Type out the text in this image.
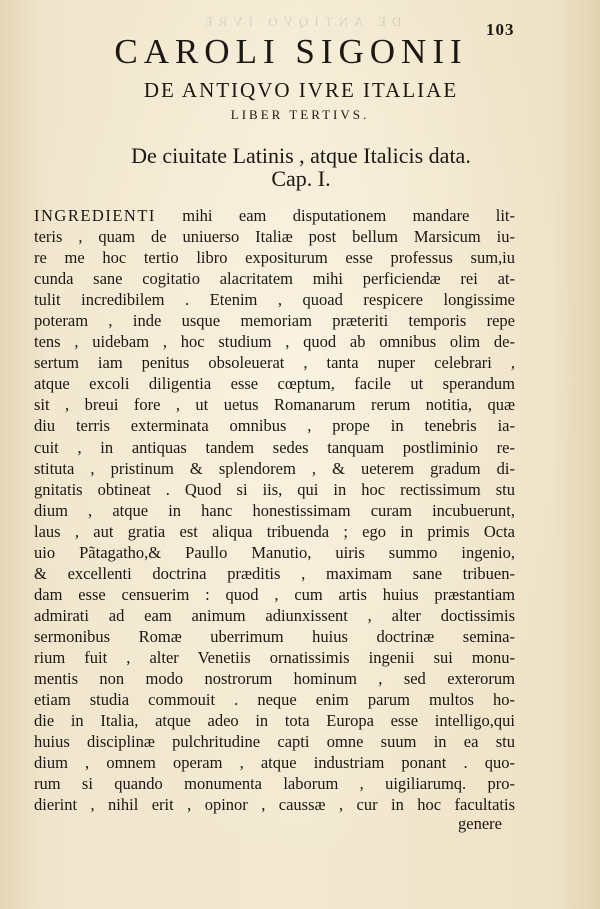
DE ANTIQVO IVRE	103
CAROLI SIGONII
DE ANTIQVO IVRE ITALIAE
LIBER TERTIVS.
De ciuitate Latinis , atque Italicis data.
Cap. I.
INGREDIENTI mihi eam disputationem mandare lit-
teris , quam de uniuerso Italiæ post bellum Marsicum iu-
re me hoc tertio libro expositurum esse professus sum,iu
cunda sane cogitatio alacritatem mihi perficiendæ rei at-
tulit incredibilem . Etenim , quoad respicere longissime
poteram , inde usque memoriam præteriti temporis repe
tens , uidebam , hoc studium , quod ab omnibus olim de-
sertum iam penitus obsoleuerat , tanta nuper celebrari ,
atque excoli diligentia esse cœptum, facile ut sperandum
sit , breui fore , ut uetus Romanarum rerum notitia, quæ
diu terris exterminata omnibus , prope in tenebris ia-
cuit , in antiquas tandem sedes tanquam postliminio re-
stituta , pristinum & splendorem , & ueterem gradum di-
gnitatis obtineat . Quod si iis, qui in hoc rectissimum stu
dium , atque in hanc honestissimam curam incubuerunt,
laus , aut gratia est aliqua tribuenda ; ego in primis Octa
uio Pãtagatho,& Paullo Manutio, uiris summo ingenio,
& excellenti doctrina præditis , maximam sane tribuen-
dam esse censuerim : quod , cum artis huius præstantiam
admirati ad eam animum adiunxissent , alter doctissimis
sermonibus Romæ uberrimum huius doctrinæ semina-
rium fuit , alter Venetiis ornatissimis ingenii sui monu-
mentis non modo nostrorum hominum , sed exterorum
etiam studia commouit . neque enim parum multos ho-
die in Italia, atque adeo in tota Europa esse intelligo,qui
huius disciplinæ pulchritudine capti omne suum in ea stu
dium , omnem operam , atque industriam ponant . quo-
rum si quando monumenta laborum , uigiliarumq. pro-
dierint , nihil erit , opinor , caussæ , cur in hoc facultatis
genere
